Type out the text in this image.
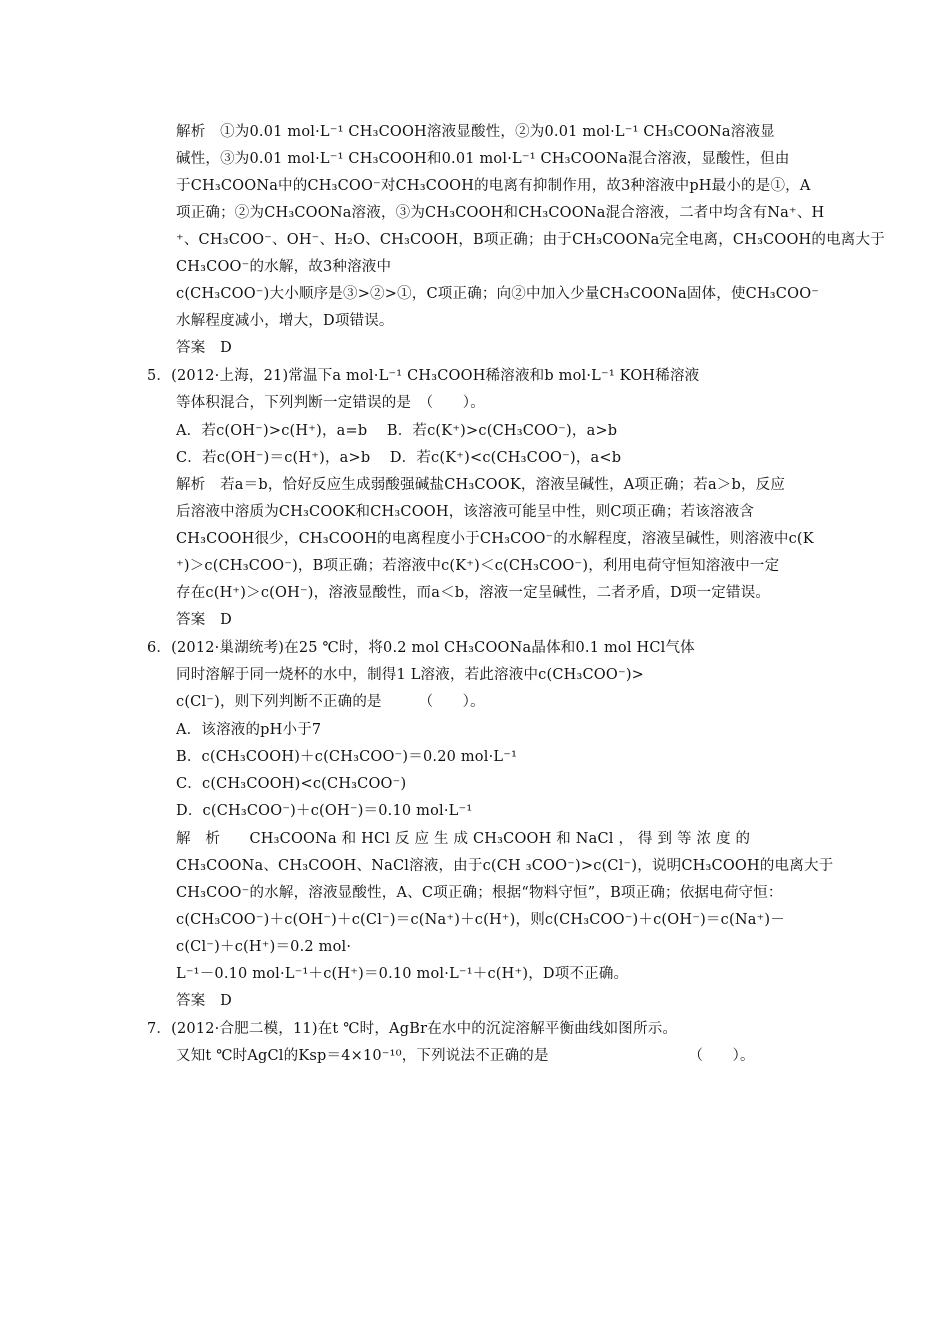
解析　①为0.01 mol·L⁻¹ CH₃COOH溶液显酸性，②为0.01 mol·L⁻¹ CH₃COONa溶液显
碱性，③为0.01 mol·L⁻¹ CH₃COOH和0.01 mol·L⁻¹ CH₃COONa混合溶液，显酸性，但由
于CH₃COONa中的CH₃COO⁻对CH₃COOH的电离有抑制作用，故3种溶液中pH最小的是①，A
项正确；②为CH₃COONa溶液，③为CH₃COOH和CH₃COONa混合溶液，二者中均含有Na⁺、H
⁺、CH₃COO⁻、OH⁻、H₂O、CH₃COOH，B项正确；由于CH₃COONa完全电离，CH₃COOH的电离大于
CH₃COO⁻的水解，故3种溶液中
c(CH₃COO⁻)大小顺序是③>②>①，C项正确；向②中加入少量CH₃COONa固体，使CH₃COO⁻
水解程度减小，增大，D项错误。
答案　D
5．(2012·上海，21)常温下a mol·L⁻¹ CH₃COOH稀溶液和b mol·L⁻¹ KOH稀溶液
等体积混合，下列判断一定错误的是　（　　）。
A．若c(OH⁻)>c(H⁺)，a=b　 B．若c(K⁺)>c(CH₃COO⁻)，a>b
C．若c(OH⁻)＝c(H⁺)，a>b　 D．若c(K⁺)<c(CH₃COO⁻)，a<b
解析　若a＝b，恰好反应生成弱酸强碱盐CH₃COOK，溶液呈碱性，A项正确；若a＞b，反应
后溶液中溶质为CH₃COOK和CH₃COOH，该溶液可能呈中性，则C项正确；若该溶液含
CH₃COOH很少，CH₃COOH的电离程度小于CH₃COO⁻的水解程度，溶液呈碱性，则溶液中c(K
⁺)＞c(CH₃COO⁻)，B项正确；若溶液中c(K⁺)＜c(CH₃COO⁻)，利用电荷守恒知溶液中一定
存在c(H⁺)＞c(OH⁻)，溶液显酸性，而a＜b，溶液一定呈碱性，二者矛盾，D项一定错误。
答案　D
6．(2012·巢湖统考)在25 ℃时，将0.2 mol CH₃COONa晶体和0.1 mol HCl气体
同时溶解于同一烧杯的水中，制得1 L溶液，若此溶液中c(CH₃COO⁻)>
c(Cl⁻)，则下列判断不正确的是　　　（　　）。
A．该溶液的pH小于7
B．c(CH₃COOH)＋c(CH₃COO⁻)＝0.20 mol·L⁻¹
C．c(CH₃COOH)<c(CH₃COO⁻)
D．c(CH₃COO⁻)＋c(OH⁻)＝0.10 mol·L⁻¹
解　析　　CH₃COONa 和 HCl 反 应 生 成 CH₃COOH 和 NaCl ， 得 到 等 浓 度 的
CH₃COONa、CH₃COOH、NaCl溶液，由于c(CH ₃COO⁻)>c(Cl⁻)，说明CH₃COOH的电离大于
CH₃COO⁻的水解，溶液显酸性，A、C项正确；根据“物料守恒”，B项正确；依据电荷守恒：
c(CH₃COO⁻)＋c(OH⁻)＋c(Cl⁻)＝c(Na⁺)＋c(H⁺)，则c(CH₃COO⁻)＋c(OH⁻)＝c(Na⁺)－
c(Cl⁻)＋c(H⁺)＝0.2 mol·
L⁻¹－0.10 mol·L⁻¹＋c(H⁺)＝0.10 mol·L⁻¹＋c(H⁺)，D项不正确。
答案　D
7．(2012·合肥二模，11)在t ℃时，AgBr在水中的沉淀溶解平衡曲线如图所示。
又知t ℃时AgCl的Ksp＝4×10⁻¹⁰，下列说法不正确的是　　　　　　　　　　（　　）。
